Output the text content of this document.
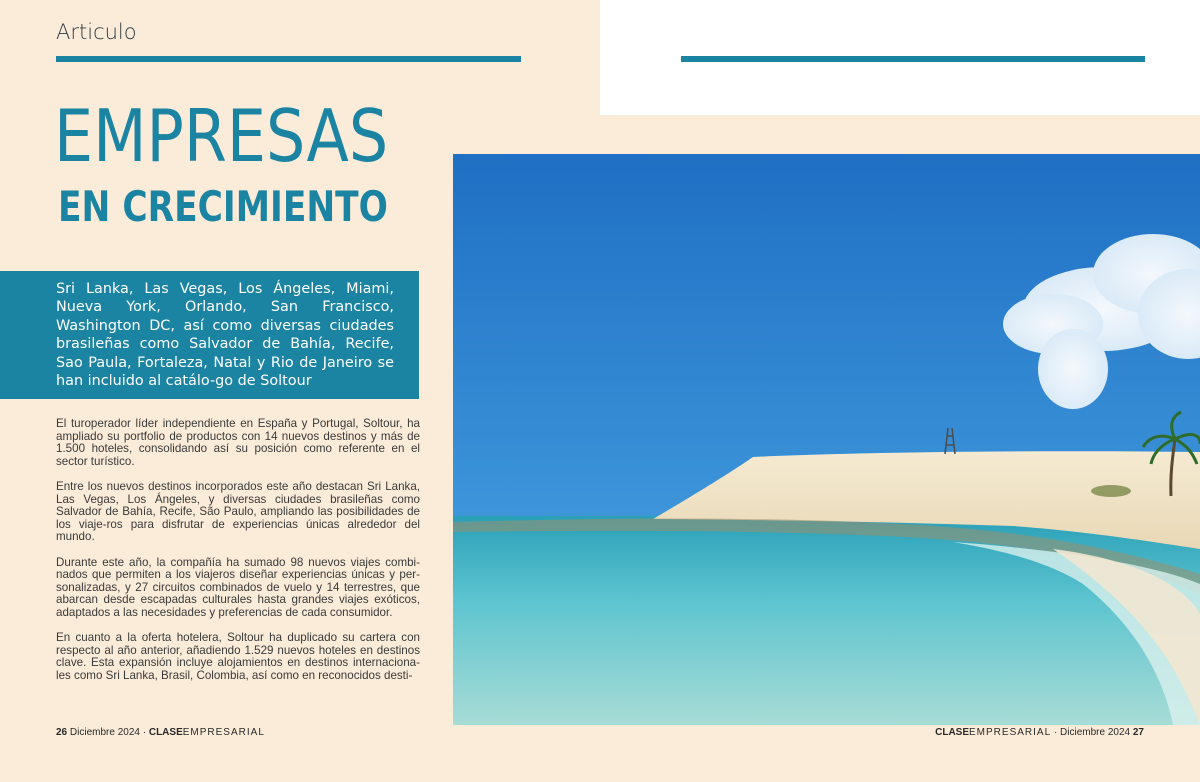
Articulo
EMPRESAS
EN CRECIMIENTO
Sri Lanka, Las Vegas, Los Ángeles, Miami, Nueva York, Orlando, San Francisco, Washington DC, así como diversas ciudades brasileñas como Salvador de Bahía, Recife, Sao Paula, Fortaleza, Natal y Rio de Janeiro se han incluido al catálo-go de Soltour

El turoperador líder independiente en España y Portugal, Soltour, ha ampliado su portfolio de productos con 14 nuevos destinos y más de 1.500 hoteles, consolidando así su posición como referente en el sector turístico.

Entre los nuevos destinos incorporados este año destacan Sri Lanka, Las Vegas, Los Ángeles, y diversas ciudades brasileñas como Salvador de Bahía, Recife, São Paulo, ampliando las posibilidades de los viaje-ros para disfrutar de experiencias únicas alrededor del mundo.

Durante este año, la compañía ha sumado 98 nuevos viajes combi-nados que permiten a los viajeros diseñar experiencias únicas y per-sonalizadas, y 27 circuitos combinados de vuelo y 14 terrestres, que abarcan desde escapadas culturales hasta grandes viajes exóticos, adaptados a las necesidades y preferencias de cada consumidor.

En cuanto a la oferta hotelera, Soltour ha duplicado su cartera con respecto al año anterior, añadiendo 1.529 nuevos hoteles en destinos clave. Esta expansión incluye alojamientos en destinos internaciona-les como Sri Lanka, Brasil, Colombia, así como en reconocidos desti-

26 Diciembre 2024 · CLASEEMPRESARIAL	CLASEEMPRESARIAL · Diciembre 2024 27
